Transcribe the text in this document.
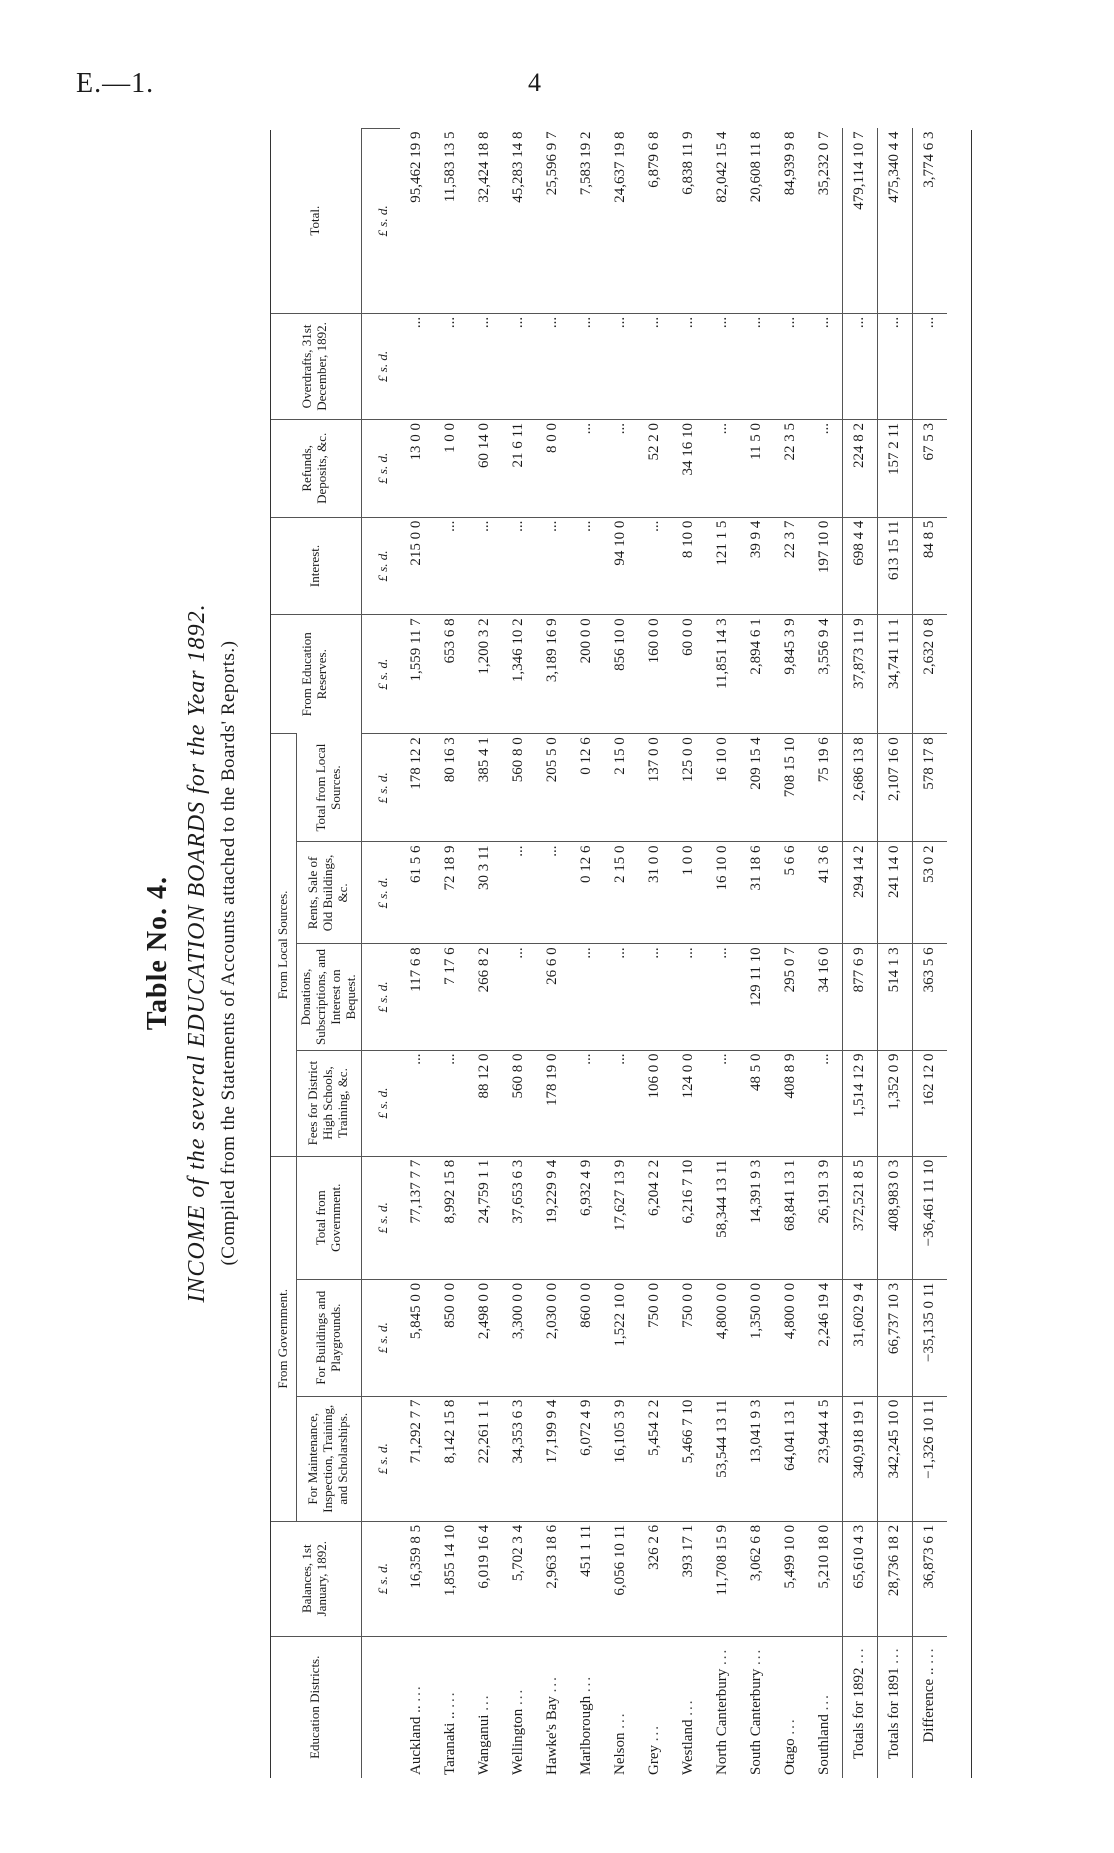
E.—1.	4
Table No. 4. INCOME of the several EDUCATION BOARDS for the Year 1892. (Compiled from the Statements of Accounts attached to the Boards' Reports.)
Education Districts.	Balances, 1st January, 1892.	From Government.			From Local Sources.				From Education Reserves.	Interest.	Refunds, Deposits, &c.	Overdrafts, 31st December, 1892.	Total.
		For Maintenance, Inspection, Training, and Scholarships.	For Buildings and Playgrounds.	Total from Government.	Fees for District High Schools, Training, &c.	Donations, Subscriptions, and Interest on Bequest.	Rents, Sale of Old Buildings, &c.	Total from Local Sources.					
	£ s. d.	£ s. d.	£ s. d.	£ s. d.	£ s. d.	£ s. d.	£ s. d.	£ s. d.	£ s. d.	£ s. d.	£ s. d.	£ s. d.	£ s. d.
Auckland .. ...	16,359 8 5	71,292 7 7	5,845 0 0	77,137 7 7	...	117 6 8	61 5 6	178 12 2	1,559 11 7	215 0 0	13 0 0	...	95,462 19 9
Taranaki .. ...	1,855 14 10	8,142 15 8	850 0 0	8,992 15 8	...	7 17 6	72 18 9	80 16 3	653 6 8	...	1 0 0	...	11,583 13 5
Wanganui ...	6,019 16 4	22,261 1 1	2,498 0 0	24,759 1 1	88 12 0	266 8 2	30 3 11	385 4 1	1,200 3 2	...	60 14 0	...	32,424 18 8
Wellington ...	5,702 3 4	34,353 6 3	3,300 0 0	37,653 6 3	560 8 0	...	...	560 8 0	1,346 10 2	...	21 6 11	...	45,283 14 8
Hawke's Bay ...	2,963 18 6	17,199 9 4	2,030 0 0	19,229 9 4	178 19 0	26 6 0	...	205 5 0	3,189 16 9	...	8 0 0	...	25,596 9 7
Marlborough ...	451 1 11	6,072 4 9	860 0 0	6,932 4 9	...	...	0 12 6	0 12 6	200 0 0	...	...	...	7,583 19 2
Nelson ...	6,056 10 11	16,105 3 9	1,522 10 0	17,627 13 9	...	...	2 15 0	2 15 0	856 10 0	94 10 0	...	...	24,637 19 8
Grey ...	326 2 6	5,454 2 2	750 0 0	6,204 2 2	106 0 0	...	31 0 0	137 0 0	160 0 0	...	52 2 0	...	6,879 6 8
Westland ...	393 17 1	5,466 7 10	750 0 0	6,216 7 10	124 0 0	...	1 0 0	125 0 0	60 0 0	8 10 0	34 16 10	...	6,838 11 9
North Canterbury ...	11,708 15 9	53,544 13 11	4,800 0 0	58,344 13 11	...	...	16 10 0	16 10 0	11,851 14 3	121 1 5	...	...	82,042 15 4
South Canterbury ...	3,062 6 8	13,041 9 3	1,350 0 0	14,391 9 3	48 5 0	129 11 10	31 18 6	209 15 4	2,894 6 1	39 9 4	11 5 0	...	20,608 11 8
Otago ...	5,499 10 0	64,041 13 1	4,800 0 0	68,841 13 1	408 8 9	295 0 7	5 6 6	708 15 10	9,845 3 9	22 3 7	22 3 5	...	84,939 9 8
Southland ...	5,210 18 0	23,944 4 5	2,246 19 4	26,191 3 9	...	34 16 0	41 3 6	75 19 6	3,556 9 4	197 10 0	...	...	35,232 0 7
Totals for 1892 ...	65,610 4 3	340,918 19 1	31,602 9 4	372,521 8 5	1,514 12 9	877 6 9	294 14 2	2,686 13 8	37,873 11 9	698 4 4	224 8 2	...	479,114 10 7
Totals for 1891 ...	28,736 18 2	342,245 10 0	66,737 10 3	408,983 0 3	1,352 0 9	514 1 3	241 14 0	2,107 16 0	34,741 11 1	613 15 11	157 2 11	...	475,340 4 4
Difference .. ...	36,873 6 1	−1,326 10 11	−35,135 0 11	−36,461 11 10	162 12 0	363 5 6	53 0 2	578 17 8	2,632 0 8	84 8 5	67 5 3	...	3,774 6 3
